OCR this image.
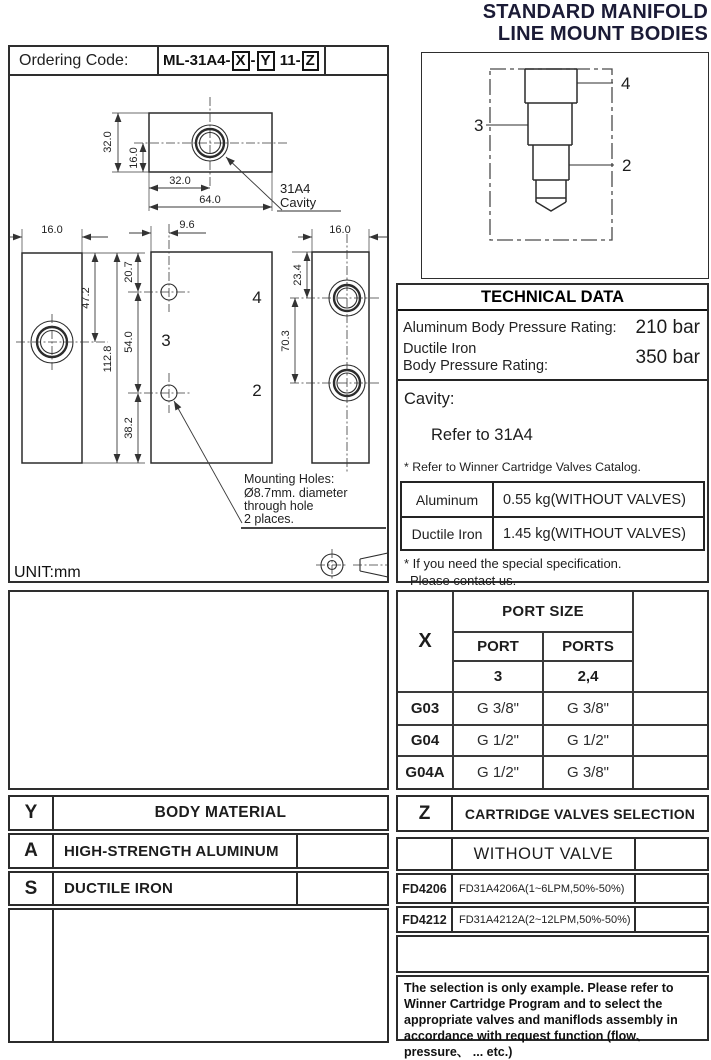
STANDARD MANIFOLD
LINE MOUNT BODIES
Ordering Code:	ML-31A4- X - Y 11- Z
32.0
16.0
32.0
64.0
31A4
Cavity
16.0
47.2
112.8
20.7
54.0
38.2
9.6
4
3
2
16.0
23.4
70.3
Mounting Holes:
Ø8.7mm. diameter
through hole
2 places.
UNIT:mm
4
3
2
TECHNICAL DATA
Aluminum Body Pressure Rating: 210 bar
Ductile Iron
Body Pressure Rating:	350 bar
Cavity:
Refer to 31A4
* Refer to Winner Cartridge Valves Catalog.
Aluminum	0.55 kg(WITHOUT VALVES)
Ductile Iron	1.45 kg(WITHOUT VALVES)
* If you need the special specification.
Please contact us.
X
PORT SIZE
PORT	PORTS
3	2,4
G03	G 3/8"	G 3/8"
G04	G 1/2"	G 1/2"
G04A	G 1/2"	G 3/8"
Y	BODY MATERIAL
A	HIGH-STRENGTH ALUMINUM
S	DUCTILE IRON
Z	CARTRIDGE VALVES SELECTION
WITHOUT VALVE
FD4206	FD31A4206A(1~6LPM,50%-50%)
FD4212	FD31A4212A(2~12LPM,50%-50%)
The selection is only example. Please refer to Winner Cartridge Program and to select the appropriate valves and maniflods assembly in accordance with request function (flow、pressure、 ... etc.)
